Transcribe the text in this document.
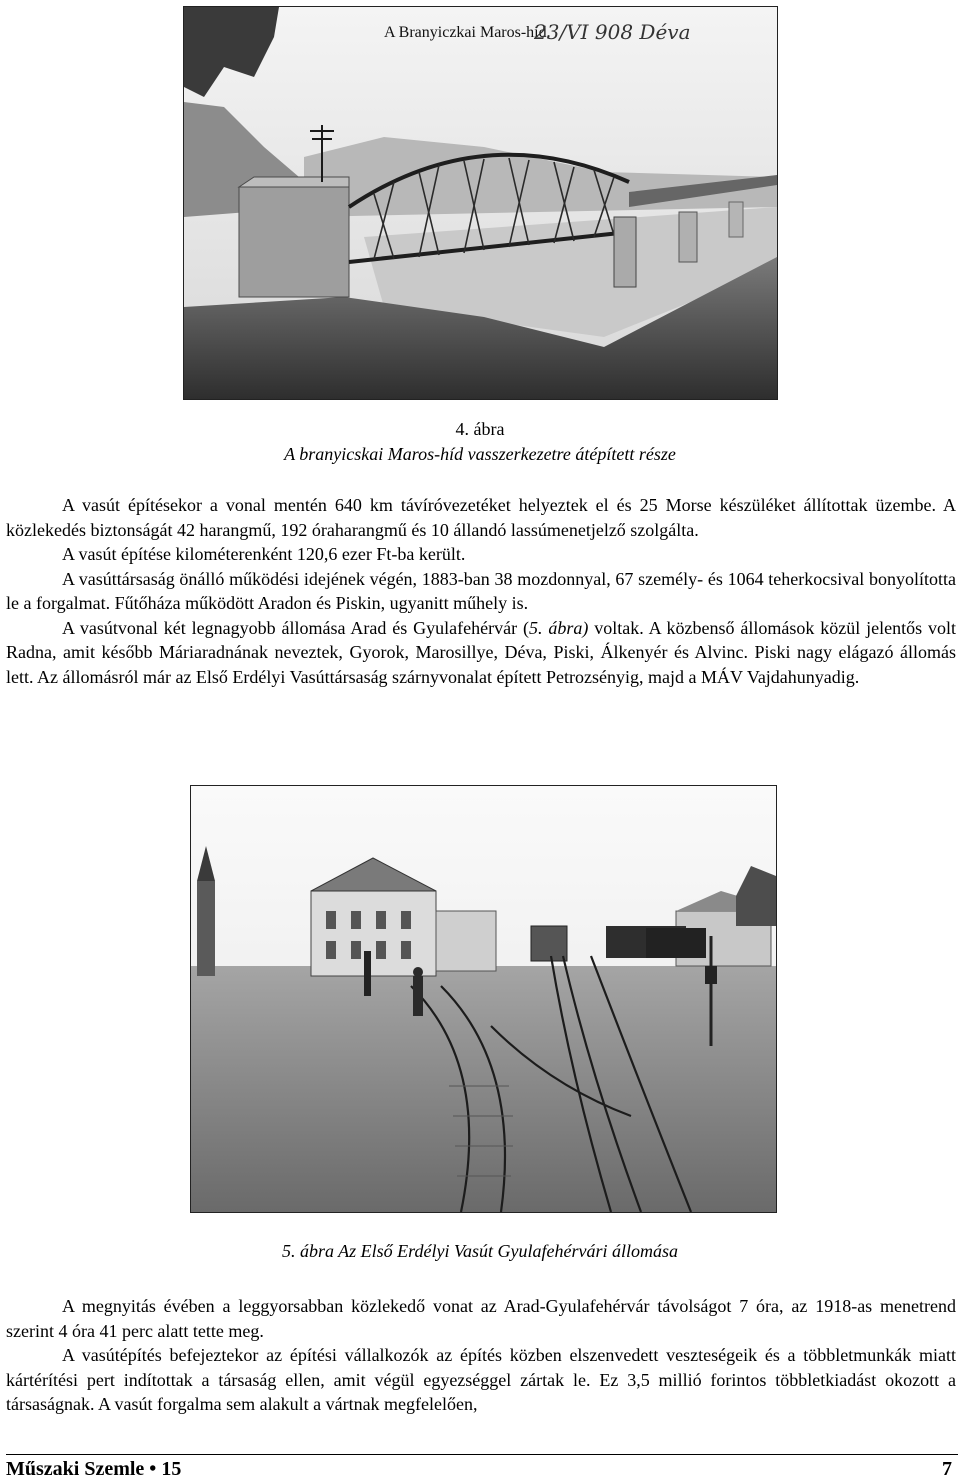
A Branyiczkai Maros-hid.
23/VI 908 Déva
4. ábra
A branyicskai Maros-híd vasszerkezetre átépített része

A vasút építésekor a vonal mentén 640 km távíróvezetéket helyeztek el és 25 Morse készüléket állítottak üzembe. A közlekedés biztonságát 42 harangmű, 192 óraharangmű és 10 állandó lassúmenetjelző szolgálta.

A vasút építése kilométerenként 120,6 ezer Ft-ba került.

A vasúttársaság önálló működési idejének végén, 1883-ban 38 mozdonnyal, 67 személy- és 1064 teherkocsival bonyolította le a forgalmat. Fűtőháza működött Aradon és Piskin, ugyanitt műhely is.

A vasútvonal két legnagyobb állomása Arad és Gyulafehérvár (5. ábra) voltak. A közbenső állomások közül jelentős volt Radna, amit később Máriaradnának neveztek, Gyorok, Marosillye, Déva, Piski, Álkenyér és Alvinc. Piski nagy elágazó állomás lett. Az állomásról már az Első Erdélyi Vasúttársaság szárnyvonalat épített Petrozsényig, majd a MÁV Vajdahunyadig.

5. ábra Az Első Erdélyi Vasút Gyulafehérvári állomása

A megnyitás évében a leggyorsabban közlekedő vonat az Arad-Gyulafehérvár távolságot 7 óra, az 1918-as menetrend szerint 4 óra 41 perc alatt tette meg.

A vasútépítés befejeztekor az építési vállalkozók az építés közben elszenvedett veszteségeik és a többletmunkák miatt kártérítési pert indítottak a társaság ellen, amit végül egyezséggel zártak le. Ez 3,5 millió forintos többletkiadást okozott a társaságnak. A vasút forgalma sem alakult a vártnak megfelelően,

Műszaki Szemle • 15	7
